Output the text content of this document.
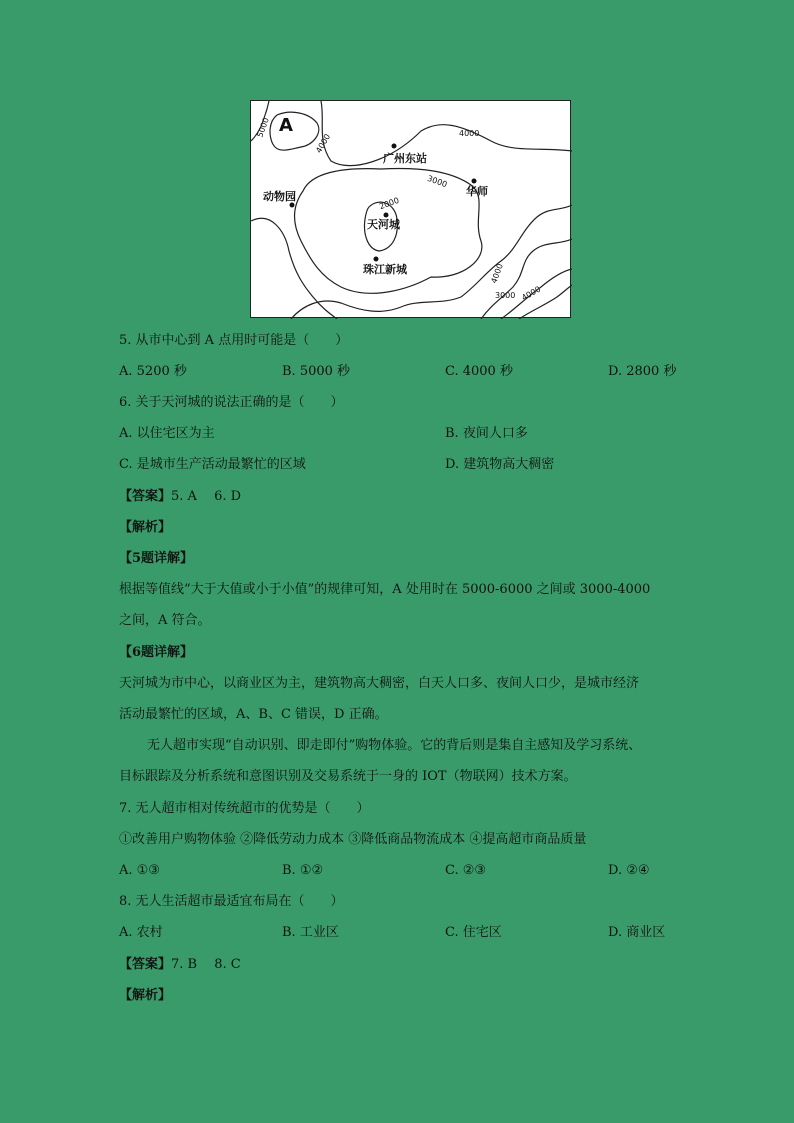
A
广州东站
动物园	华师
天河城
珠江新城
5000
4000	4000
3000
2000
4000
3000 4000
5. 从市中心到 A 点用时可能是（　　）
A. 5200 秒	B. 5000 秒	C. 4000 秒	D. 2800 秒
6. 关于天河城的说法正确的是（　　）
A. 以住宅区为主	B. 夜间人口多
C. 是城市生产活动最繁忙的区域	D. 建筑物高大稠密
【答案】5. A　 6. D
【解析】
【5题详解】
根据等值线“大于大值或小于小值”的规律可知，A 处用时在 5000-6000 之间或 3000-4000
之间，A 符合。
【6题详解】
天河城为市中心，以商业区为主，建筑物高大稠密，白天人口多、夜间人口少，是城市经济
活动最繁忙的区域，A、B、C 错误，D 正确。
无人超市实现“自动识别、即走即付”购物体验。它的背后则是集自主感知及学习系统、
目标跟踪及分析系统和意图识别及交易系统于一身的 IOT（物联网）技术方案。
7. 无人超市相对传统超市的优势是（　　）
①改善用户购物体验 ②降低劳动力成本 ③降低商品物流成本 ④提高超市商品质量
A. ①③	B. ①②	C. ②③	D. ②④
8. 无人生活超市最适宜布局在（　　）
A. 农村	B. 工业区	C. 住宅区	D. 商业区
【答案】7. B　 8. C
【解析】
